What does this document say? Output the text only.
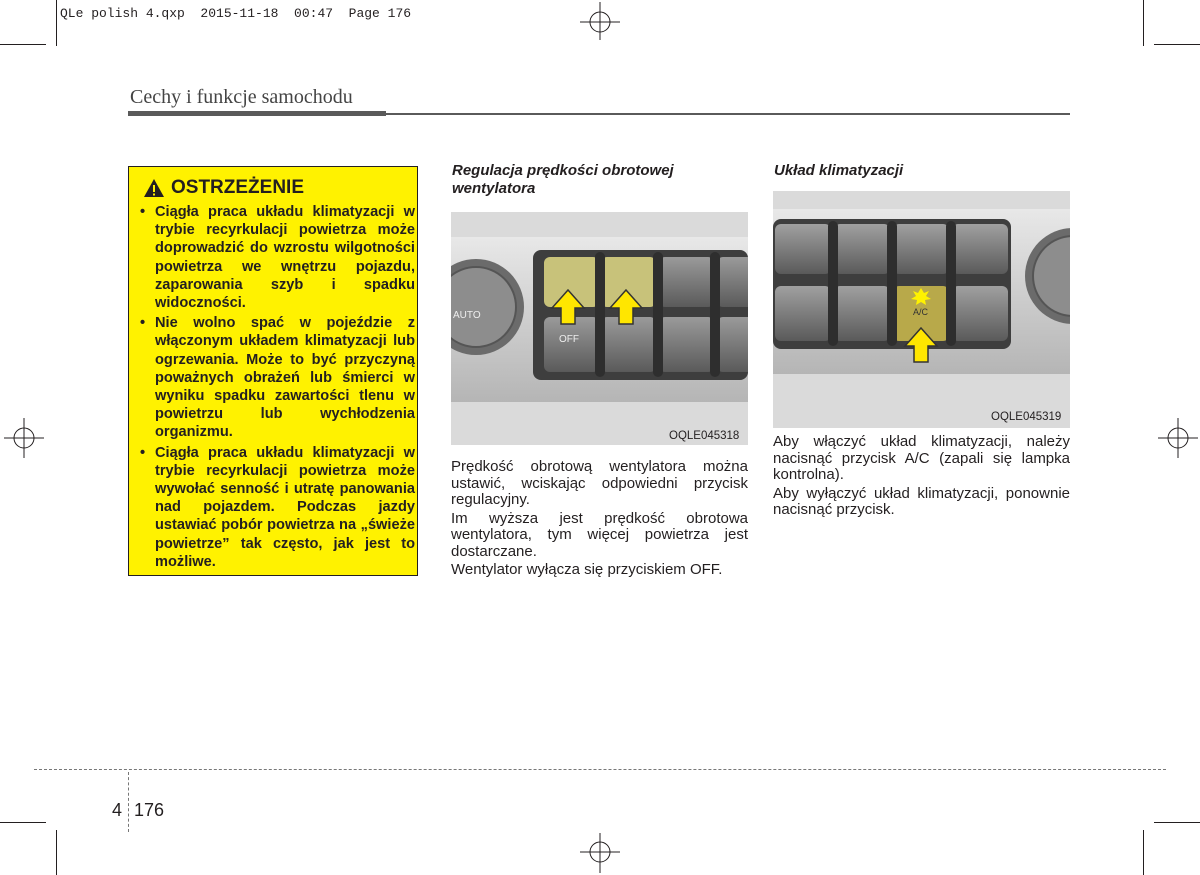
QLe polish 4.qxp  2015-11-18  00:47  Page 176
Cechy i funkcje samochodu
OSTRZEŻENIE
• Ciągła praca układu klimatyzacji w trybie recyrkulacji powietrza może doprowadzić do wzrostu wilgotności powietrza we wnętrzu pojazdu, zaparowania szyb i spadku widoczności.
• Nie wolno spać w pojeździe z włączonym układem klimatyzacji lub ogrzewania. Może to być przyczyną poważnych obrażeń lub śmierci w wyniku spadku zawartości tlenu w powietrzu lub wychłodzenia organizmu.
• Ciągła praca układu klimatyzacji w trybie recyrkulacji powietrza może wywołać senność i utratę panowania nad pojazdem. Podczas jazdy ustawiać pobór powietrza na „świeże powietrze” tak często, jak jest to możliwe.
Regulacja prędkości obrotowej wentylatora
AUTO
OFF
OQLE045318

Prędkość obrotową wentylatora można ustawić, wciskając odpowiedni przycisk regulacyjny.

Im wyższa jest prędkość obrotowa wentylatora, tym więcej powietrza jest dostarczane.

Wentylator wyłącza się przyciskiem OFF.

Układ klimatyzacji
A/C
OQLE045319

Aby włączyć układ klimatyzacji, należy nacisnąć przycisk A/C (zapali się lampka kontrolna).

Aby wyłączyć układ klimatyzacji, ponownie nacisnąć przycisk.

4 176
